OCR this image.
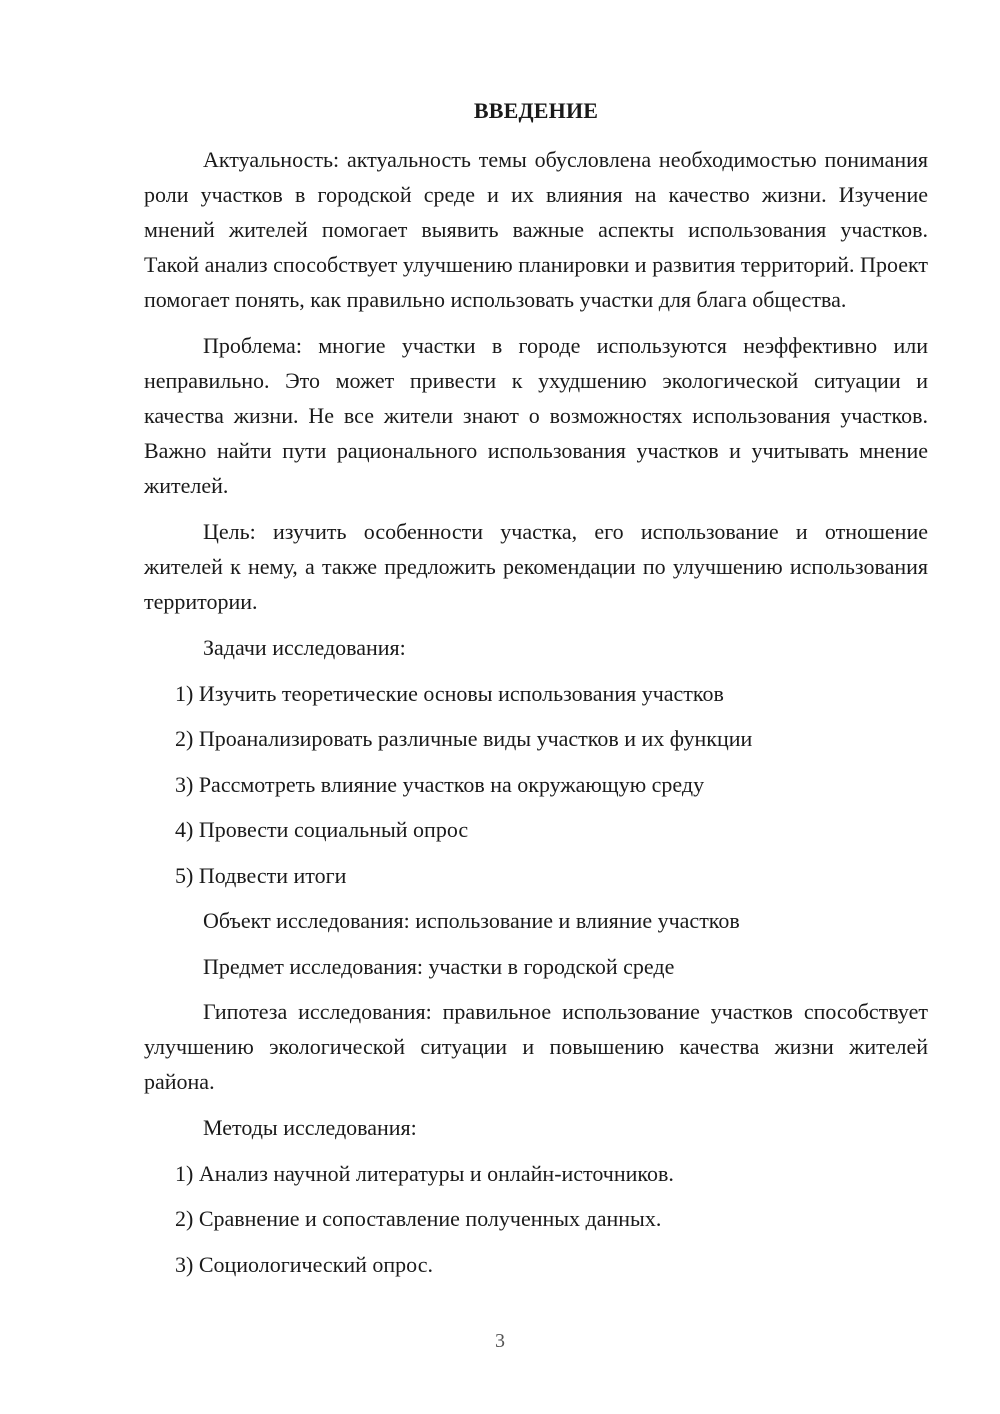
ВВЕДЕНИЕ

Актуальность: актуальность темы обусловлена необходимостью понимания роли участков в городской среде и их влияния на качество жизни. Изучение мнений жителей помогает выявить важные аспекты использования участков. Такой анализ способствует улучшению планировки и развития территорий. Проект помогает понять, как правильно использовать участки для блага общества.

Проблема: многие участки в городе используются неэффективно или неправильно. Это может привести к ухудшению экологической ситуации и качества жизни. Не все жители знают о возможностях использования участков. Важно найти пути рационального использования участков и учитывать мнение жителей.

Цель: изучить особенности участка, его использование и отношение жителей к нему, а также предложить рекомендации по улучшению использования территории.

Задачи исследования:
1) Изучить теоретические основы использования участков
2) Проанализировать различные виды участков и их функции
3) Рассмотреть влияние участков на окружающую среду
4) Провести социальный опрос
5) Подвести итоги
Объект исследования: использование и влияние участков
Предмет исследования: участки в городской среде

Гипотеза исследования: правильное использование участков способствует улучшению экологической ситуации и повышению качества жизни жителей района.

Методы исследования:
1) Анализ научной литературы и онлайн-источников.
2) Сравнение и сопоставление полученных данных.
3) Социологический опрос.
3
